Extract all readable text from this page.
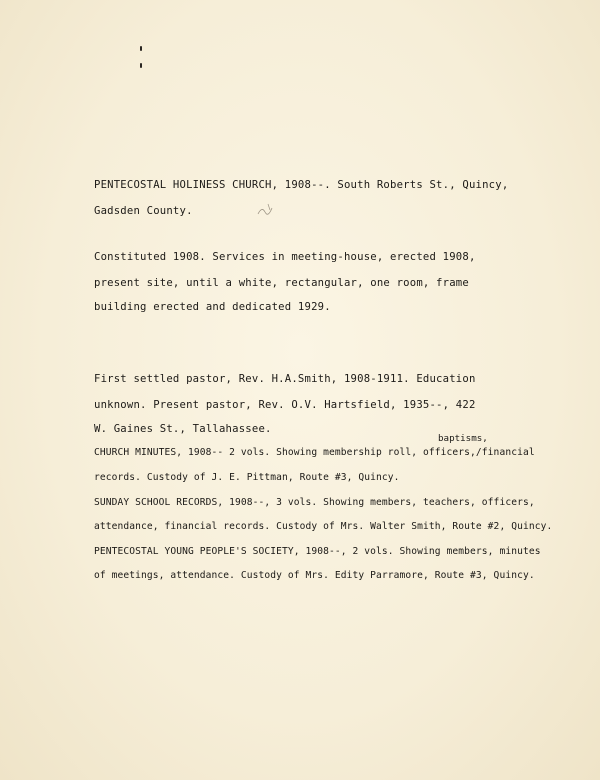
PENTECOSTAL HOLINESS CHURCH, 1908--. South Roberts St., Quincy,
Gadsden County.
Constituted 1908. Services in meeting-house, erected 1908,
present site, until a white, rectangular, one room, frame
building erected and dedicated 1929.
First settled pastor, Rev. H.A.Smith, 1908-1911. Education
unknown. Present pastor, Rev. O.V. Hartsfield, 1935--, 422
W. Gaines St., Tallahassee.
baptisms,
CHURCH MINUTES, 1908-- 2 vols. Showing membership roll, officers,/financial
records. Custody of J. E. Pittman, Route #3, Quincy.
SUNDAY SCHOOL RECORDS, 1908--, 3 vols. Showing members, teachers, officers,
attendance, financial records. Custody of Mrs. Walter Smith, Route #2, Quincy.
PENTECOSTAL YOUNG PEOPLE'S SOCIETY, 1908--, 2 vols. Showing members, minutes
of meetings, attendance. Custody of Mrs. Edity Parramore, Route #3, Quincy.
